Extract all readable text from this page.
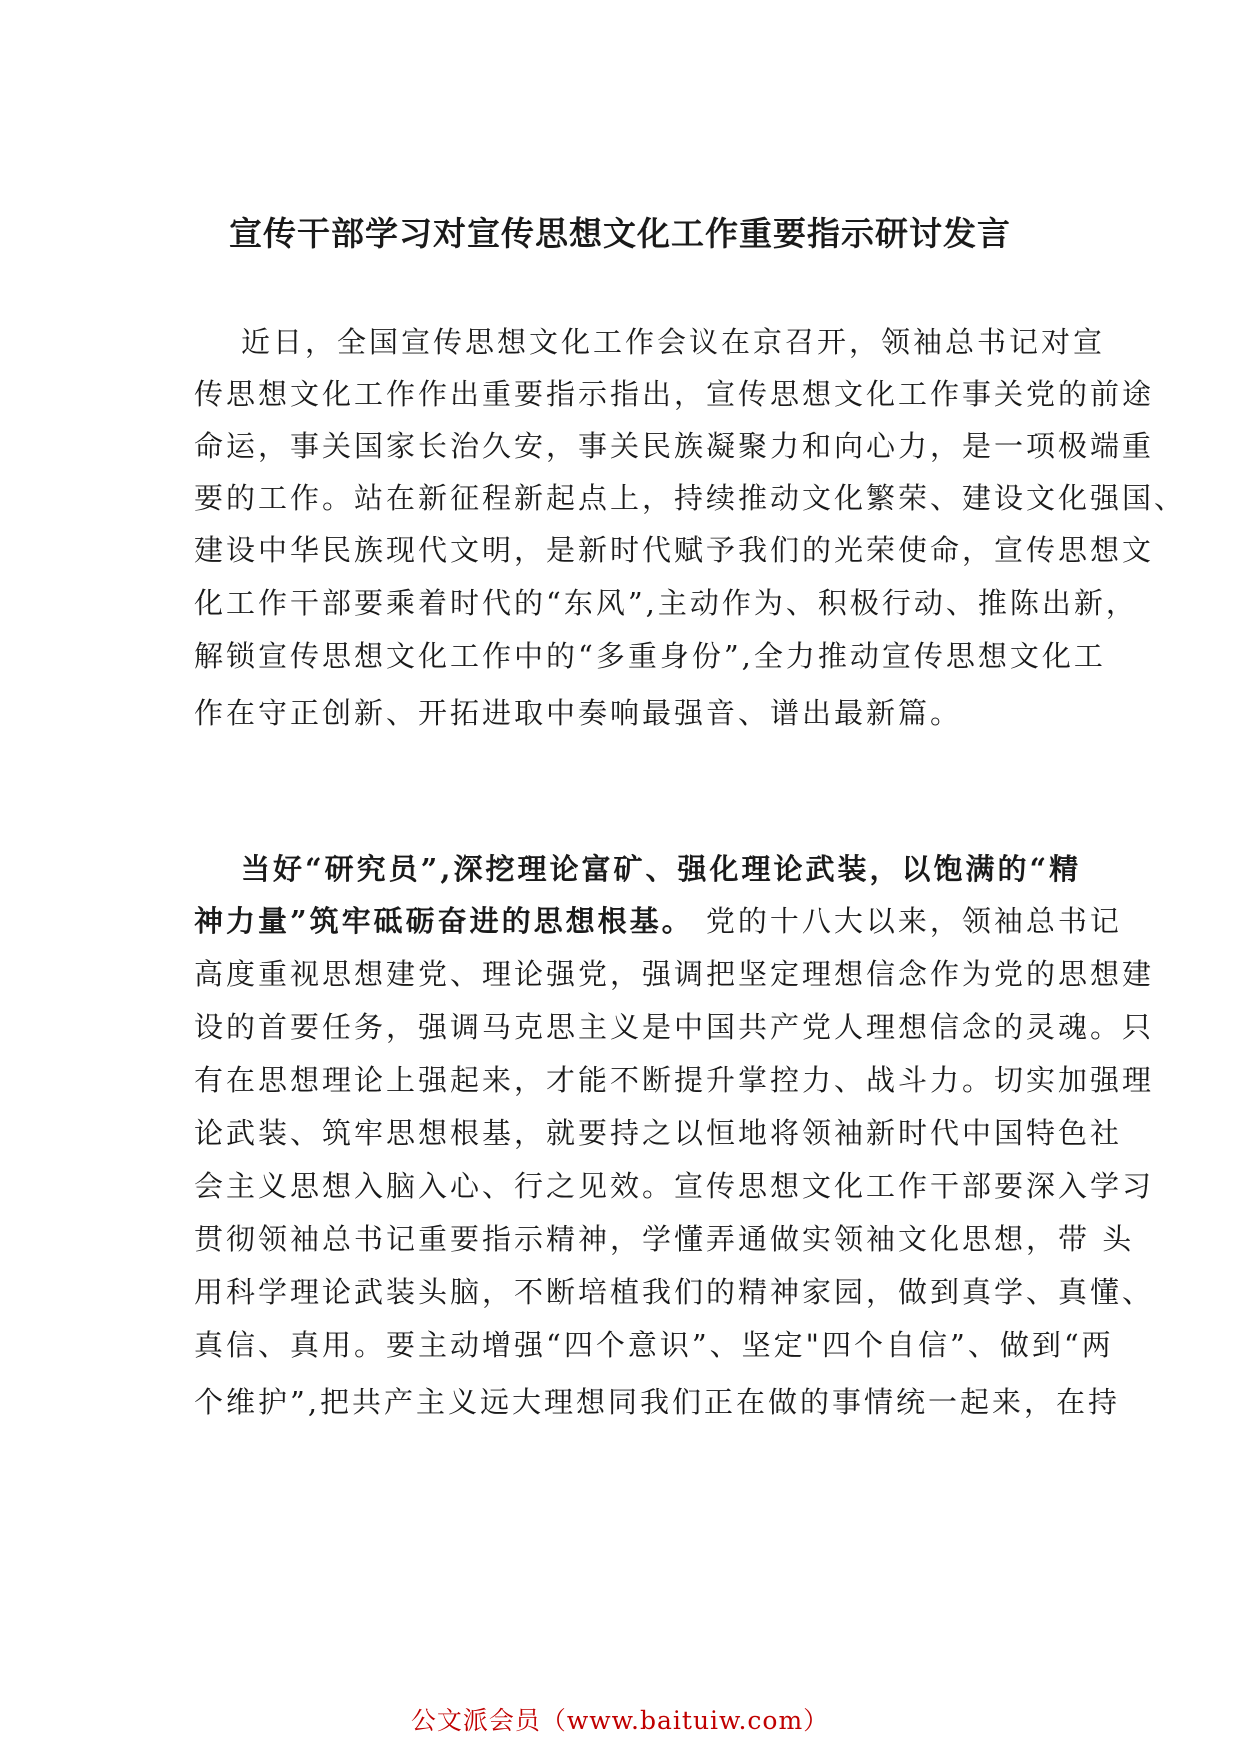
宣传干部学习对宣传思想文化工作重要指示研讨发言

近日，全国宣传思想文化工作会议在京召开，领袖总书记对宣

传思想文化工作作出重要指示指出，宣传思想文化工作事关党的前途

命运，事关国家长治久安，事关民族凝聚力和向心力，是一项极端重

要的工作。站在新征程新起点上，持续推动文化繁荣、建设文化强国、

建设中华民族现代文明，是新时代赋予我们的光荣使命，宣传思想文

化工作干部要乘着时代的“东风”,主动作为、积极行动、推陈出新，

解锁宣传思想文化工作中的“多重身份”,全力推动宣传思想文化工

作在守正创新、开拓进取中奏响最强音、谱出最新篇。

当好“研究员”,深挖理论富矿、强化理论武装，以饱满的“精

神力量”筑牢砥砺奋进的思想根基。 党的十八大以来，领袖总书记

高度重视思想建党、理论强党，强调把坚定理想信念作为党的思想建

设的首要任务，强调马克思主义是中国共产党人理想信念的灵魂。只

有在思想理论上强起来，才能不断提升掌控力、战斗力。切实加强理

论武装、筑牢思想根基，就要持之以恒地将领袖新时代中国特色社

会主义思想入脑入心、行之见效。宣传思想文化工作干部要深入学习

贯彻领袖总书记重要指示精神，学懂弄通做实领袖文化思想，带 头

用科学理论武装头脑，不断培植我们的精神家园，做到真学、真懂、

真信、真用。要主动增强“四个意识”、坚定"四个自信”、做到“两

个维护”,把共产主义远大理想同我们正在做的事情统一起来，在持

公文派会员（www.baituiw.com）
